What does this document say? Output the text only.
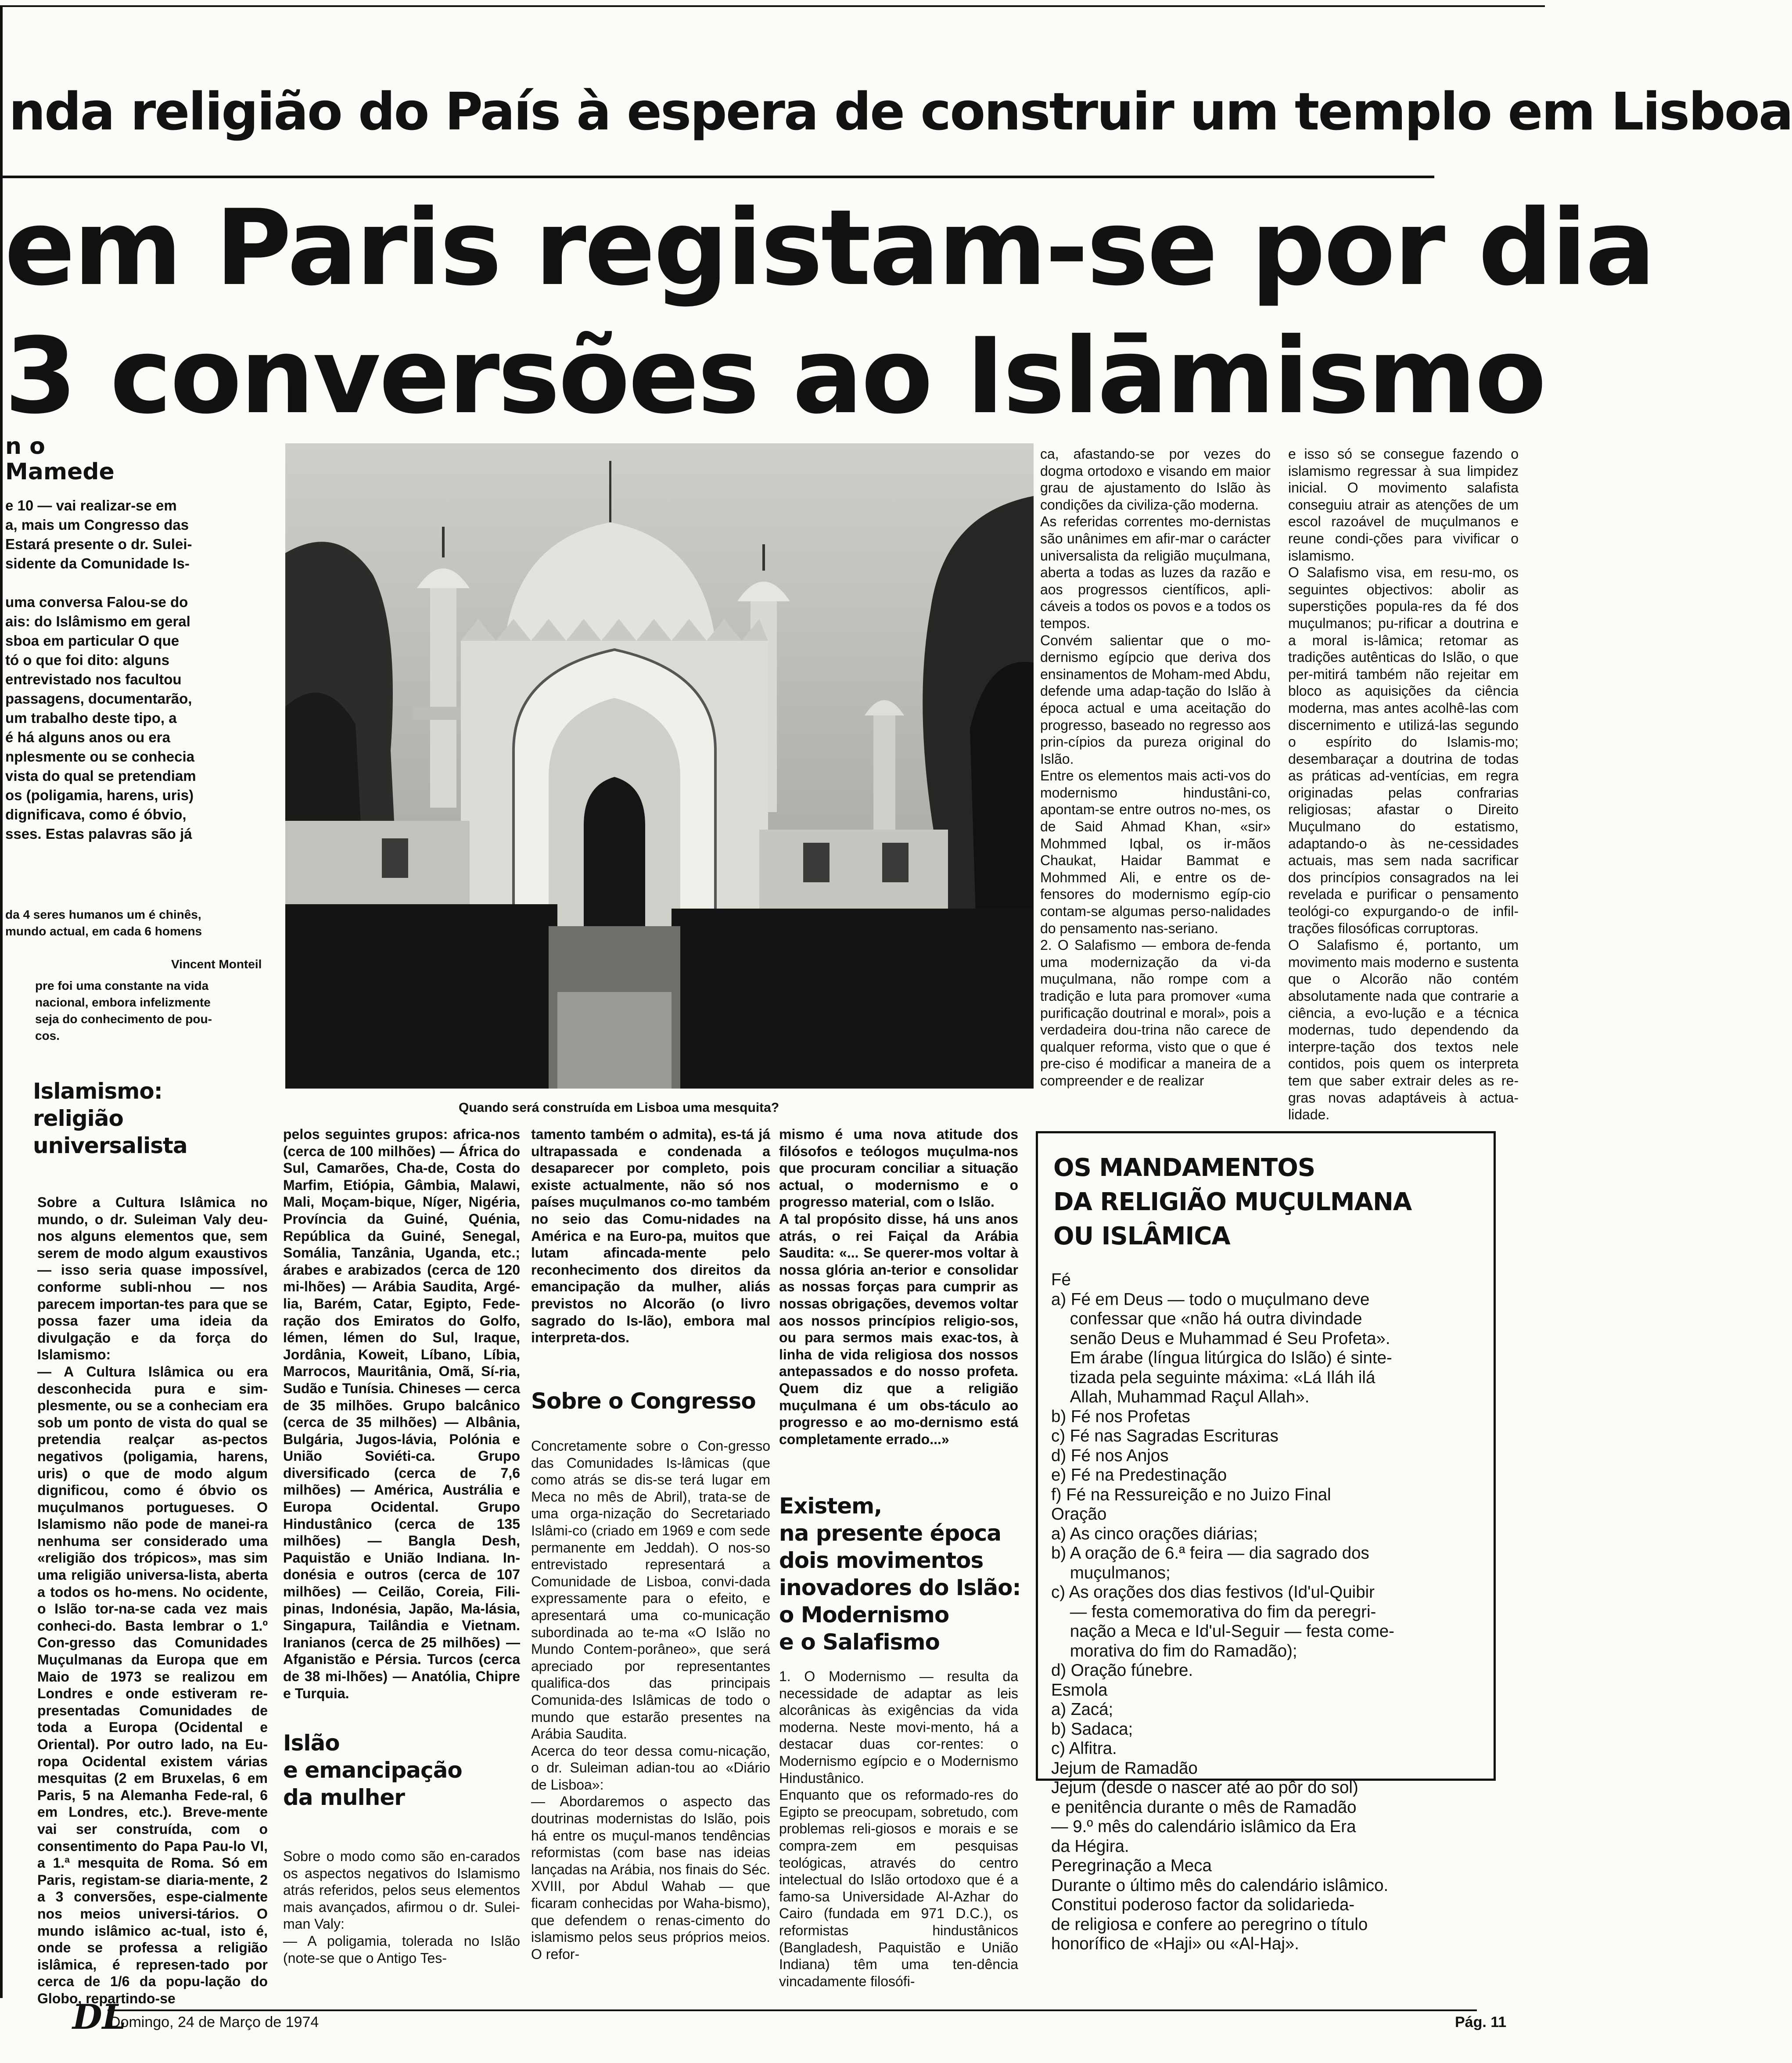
nda religião do País à espera de construir um templo em Lisboa
em Paris registam-se por dia
3 conversões ao Islāmismo
n o
Mamede
e 10 — vai realizar-se em
a, mais um Congresso das
Estará presente o dr. Sulei-
sidente da Comunidade Is-

uma conversa Falou-se do
ais: do Islâmismo em geral
sboa em particular O que
tó o que foi dito: alguns
entrevistado nos facultou
passagens, documentarão,
um trabalho deste tipo, a
é há alguns anos ou era
nplesmente ou se conhecia
vista do qual se pretendiam
os (poligamia, harens, uris)
dignificava, como é óbvio,
sses. Estas palavras são já
da 4 seres humanos um é chinês,
mundo actual, em cada 6 homens
Vincent Monteil
pre foi uma constante na vida
nacional, embora infelizmente
seja do conhecimento de pou-
cos.
Islamismo:
religião
universalista
Quando será construída em Lisboa uma mesquita?
Sobre a Cultura Islâmica no mundo, o dr. Suleiman Valy deu-nos alguns elementos que, sem serem de modo algum exaustivos — isso seria quase impossível, conforme subli-nhou — nos parecem importan-tes para que se possa fazer uma ideia da divulgação e da força do Islamismo:
— A Cultura Islâmica ou era desconhecida pura e sim-plesmente, ou se a conheciam era sob um ponto de vista do qual se pretendia realçar as-pectos negativos (poligamia, harens, uris) o que de modo algum dignificou, como é óbvio os muçulmanos portugueses. O Islamismo não pode de manei-ra nenhuma ser considerado uma «religião dos trópicos», mas sim uma religião universa-lista, aberta a todos os ho-mens. No ocidente, o Islão tor-na-se cada vez mais conheci-do. Basta lembrar o 1.º Con-gresso das Comunidades Muçulmanas da Europa que em Maio de 1973 se realizou em Londres e onde estiveram re-presentadas Comunidades de toda a Europa (Ocidental e Oriental). Por outro lado, na Eu-ropa Ocidental existem várias mesquitas (2 em Bruxelas, 6 em Paris, 5 na Alemanha Fede-ral, 6 em Londres, etc.). Breve-mente vai ser construída, com o consentimento do Papa Pau-lo VI, a 1.ª mesquita de Roma. Só em Paris, registam-se diaria-mente, 2 a 3 conversões, espe-cialmente nos meios universi-tários. O mundo islâmico ac-tual, isto é, onde se professa a religião islâmica, é represen-tado por cerca de 1/6 da popu-lação do Globo, repartindo-se
pelos seguintes grupos: africa-nos (cerca de 100 milhões) — África do Sul, Camarões, Cha-de, Costa do Marfim, Etiópia, Gâmbia, Malawi, Mali, Moçam-bique, Níger, Nigéria, Província da Guiné, Quénia, República da Guiné, Senegal, Somália, Tanzânia, Uganda, etc.; árabes e arabizados (cerca de 120 mi-lhões) — Arábia Saudita, Argé-lia, Barém, Catar, Egipto, Fede-ração dos Emiratos do Golfo, Iémen, Iémen do Sul, Iraque, Jordânia, Koweit, Líbano, Líbia, Marrocos, Mauritânia, Omã, Sí-ria, Sudão e Tunísia. Chineses — cerca de 35 milhões. Grupo balcânico (cerca de 35 milhões) — Albânia, Bulgária, Jugos-lávia, Polónia e União Soviéti-ca. Grupo diversificado (cerca de 7,6 milhões) — América, Austrália e Europa Ocidental. Grupo Hindustânico (cerca de 135 milhões) — Bangla Desh, Paquistão e União Indiana. In-donésia e outros (cerca de 107 milhões) — Ceilão, Coreia, Fili-pinas, Indonésia, Japão, Ma-lásia, Singapura, Tailândia e Vietnam. Iranianos (cerca de 25 milhões) — Afganistão e Pérsia. Turcos (cerca de 38 mi-lhões) — Anatólia, Chipre e Turquia.
Islão
e emancipação
da mulher
Sobre o modo como são en-carados os aspectos negativos do Islamismo atrás referidos, pelos seus elementos mais avançados, afirmou o dr. Sulei-man Valy:
— A poligamia, tolerada no Islão (note-se que o Antigo Tes-
tamento também o admita), es-tá já ultrapassada e condenada a desaparecer por completo, pois existe actualmente, não só nos países muçulmanos co-mo também no seio das Comu-nidades na América e na Euro-pa, muitos que lutam afincada-mente pelo reconhecimento dos direitos da emancipação da mulher, aliás previstos no Alcorão (o livro sagrado do Is-lão), embora mal interpreta-dos.
Sobre o Congresso
Concretamente sobre o Con-gresso das Comunidades Is-lâmicas (que como atrás se dis-se terá lugar em Meca no mês de Abril), trata-se de uma orga-nização do Secretariado Islâmi-co (criado em 1969 e com sede permanente em Jeddah). O nos-so entrevistado representará a Comunidade de Lisboa, convi-dada expressamente para o efeito, e apresentará uma co-municação subordinada ao te-ma «O Islão no Mundo Contem-porâneo», que será apreciado por representantes qualifica-dos das principais Comunida-des Islâmicas de todo o mundo que estarão presentes na Arábia Saudita.
Acerca do teor dessa comu-nicação, o dr. Suleiman adian-tou ao «Diário de Lisboa»:
— Abordaremos o aspecto das doutrinas modernistas do Islão, pois há entre os muçul-manos tendências reformistas (com base nas ideias lançadas na Arábia, nos finais do Séc. XVIII, por Abdul Wahab — que ficaram conhecidas por Waha-bismo), que defendem o renas-cimento do islamismo pelos seus próprios meios. O refor-
mismo é uma nova atitude dos filósofos e teólogos muçulma-nos que procuram conciliar a situação actual, o modernismo e o progresso material, com o Islão.
A tal propósito disse, há uns anos atrás, o rei Faiçal da Arábia Saudita: «... Se querer-mos voltar à nossa glória an-terior e consolidar as nossas forças para cumprir as nossas obrigações, devemos voltar aos nossos princípios religio-sos, ou para sermos mais exac-tos, à linha de vida religiosa dos nossos antepassados e do nosso profeta. Quem diz que a religião muçulmana é um obs-táculo ao progresso e ao mo-dernismo está completamente errado...»
Existem,
na presente época
dois movimentos
inovadores do Islão:
o Modernismo
e o Salafismo
1. O Modernismo — resulta da necessidade de adaptar as leis alcorânicas às exigências da vida moderna. Neste movi-mento, há a destacar duas cor-rentes: o Modernismo egípcio e o Modernismo Hindustânico.
Enquanto que os reformado-res do Egipto se preocupam, sobretudo, com problemas reli-giosos e morais e se compra-zem em pesquisas teológicas, através do centro intelectual do Islão ortodoxo que é a famo-sa Universidade Al-Azhar do Cairo (fundada em 971 D.C.), os reformistas hindustânicos (Bangladesh, Paquistão e União Indiana) têm uma ten-dência vincadamente filosófi-
ca, afastando-se por vezes do dogma ortodoxo e visando em maior grau de ajustamento do Islão às condições da civiliza-ção moderna.
As referidas correntes mo-dernistas são unânimes em afir-mar o carácter universalista da religião muçulmana, aberta a todas as luzes da razão e aos progressos científicos, apli-cáveis a todos os povos e a todos os tempos.
Convém salientar que o mo-dernismo egípcio que deriva dos ensinamentos de Moham-med Abdu, defende uma adap-tação do Islão à época actual e uma aceitação do progresso, baseado no regresso aos prin-cípios da pureza original do Islão.
Entre os elementos mais acti-vos do modernismo hindustâni-co, apontam-se entre outros no-mes, os de Said Ahmad Khan, «sir» Mohmmed Iqbal, os ir-mãos Chaukat, Haidar Bammat e Mohmmed Ali, e entre os de-fensores do modernismo egíp-cio contam-se algumas perso-nalidades do pensamento nas-seriano.
2. O Salafismo — embora de-fenda uma modernização da vi-da muçulmana, não rompe com a tradição e luta para promover «uma purificação doutrinal e moral», pois a verdadeira dou-trina não carece de qualquer reforma, visto que o que é pre-ciso é modificar a maneira de a compreender e de realizar
e isso só se consegue fazendo o islamismo regressar à sua limpidez inicial. O movimento salafista conseguiu atrair as atenções de um escol razoável de muçulmanos e reune condi-ções para vivificar o islamismo.
O Salafismo visa, em resu-mo, os seguintes objectivos: abolir as superstições popula-res da fé dos muçulmanos; pu-rificar a doutrina e a moral is-lâmica; retomar as tradições autênticas do Islão, o que per-mitirá também não rejeitar em bloco as aquisições da ciência moderna, mas antes acolhê-las com discernimento e utilizá-las segundo o espírito do Islamis-mo; desembaraçar a doutrina de todas as práticas ad-ventícias, em regra originadas pelas confrarias religiosas; afastar o Direito Muçulmano do estatismo, adaptando-o às ne-cessidades actuais, mas sem nada sacrificar dos princípios consagrados na lei revelada e purificar o pensamento teológi-co expurgando-o de infil-trações filosóficas corruptoras.
O Salafismo é, portanto, um movimento mais moderno e sustenta que o Alcorão não contém absolutamente nada que contrarie a ciência, a evo-lução e a técnica modernas, tudo dependendo da interpre-tação dos textos nele contidos, pois quem os interpreta tem que saber extrair deles as re-gras novas adaptáveis à actua-lidade.
OS MANDAMENTOS
DA RELIGIÃO MUÇULMANA
OU ISLÂMICA
Fé
a) Fé em Deus — todo o muçulmano deve
confessar que «não há outra divindade
senão Deus e Muhammad é Seu Profeta».
Em árabe (língua litúrgica do Islão) é sinte-
tizada pela seguinte máxima: «Lá Iláh ilá
Allah, Muhammad Raçul Allah».
b) Fé nos Profetas
c) Fé nas Sagradas Escrituras
d) Fé nos Anjos
e) Fé na Predestinação
f) Fé na Ressureição e no Juizo Final
Oração
a) As cinco orações diárias;
b) A oração de 6.ª feira — dia sagrado dos
muçulmanos;
c) As orações dos dias festivos (Id'ul-Quibir
— festa comemorativa do fim da peregri-
nação a Meca e Id'ul-Seguir — festa come-
morativa do fim do Ramadão);
d) Oração fúnebre.
Esmola
a) Zacá;
b) Sadaca;
c) Alfitra.
Jejum de Ramadão
Jejum (desde o nascer até ao pôr do sol)
e penitência durante o mês de Ramadão
— 9.º mês do calendário islâmico da Era
da Hégira.
Peregrinação a Meca
Durante o último mês do calendário islâmico.
Constitui poderoso factor da solidarieda-
de religiosa e confere ao peregrino o título
honorífico de «Haji» ou «Al-Haj».
DL
Domingo, 24 de Março de 1974	Pág. 11
